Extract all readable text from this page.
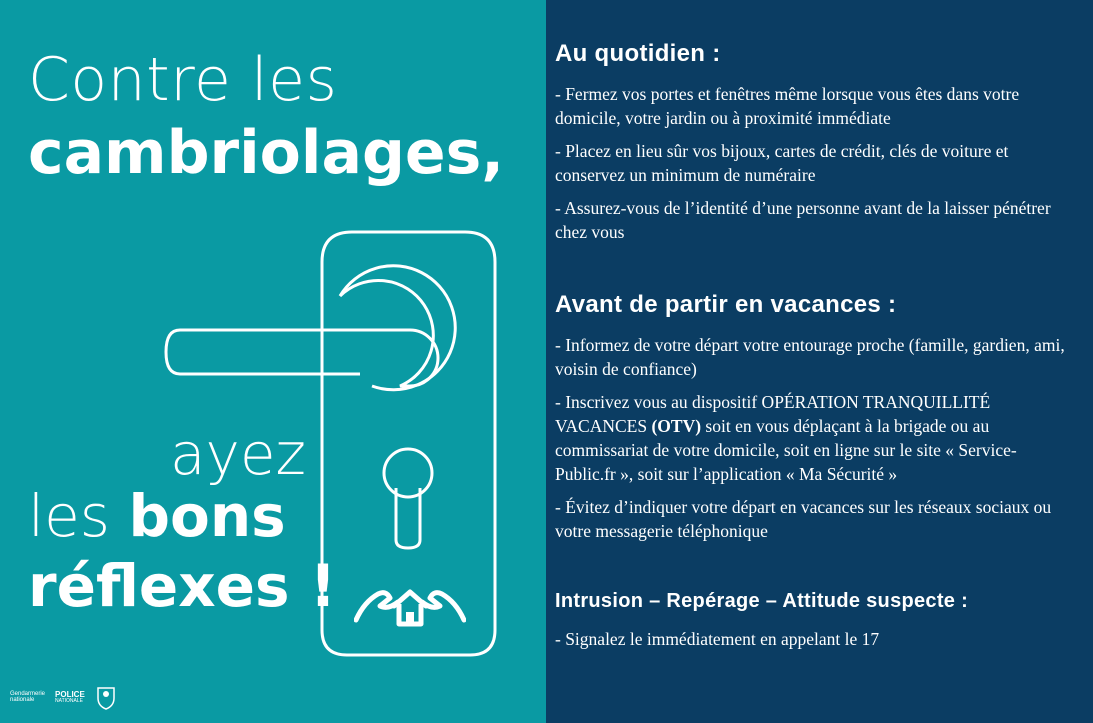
Contre les
cambriolages,
ayez
les bons
réflexes !
Gendarmerie
nationale
POLICE
NATIONALE
Au quotidien :

- Fermez vos portes et fenêtres même lorsque vous êtes dans votre domicile, votre jardin ou à proximité immédiate

- Placez en lieu sûr vos bijoux, cartes de crédit, clés de voiture et conservez un minimum de numéraire

- Assurez-vous de l’identité d’une personne avant de la laisser pénétrer chez vous

Avant de partir en vacances :

- Informez de votre départ votre entourage proche (famille, gardien, ami, voisin de confiance)

- Inscrivez vous au dispositif OPÉRATION TRANQUILLITÉ VACANCES (OTV) soit en vous déplaçant à la brigade ou au commissariat de votre domicile, soit en ligne sur le site « Service-Public.fr », soit sur l’application « Ma Sécurité »

- Évitez d’indiquer votre départ en vacances sur les réseaux sociaux ou votre messagerie téléphonique

Intrusion – Repérage – Attitude suspecte :

- Signalez le immédiatement en appelant le 17
